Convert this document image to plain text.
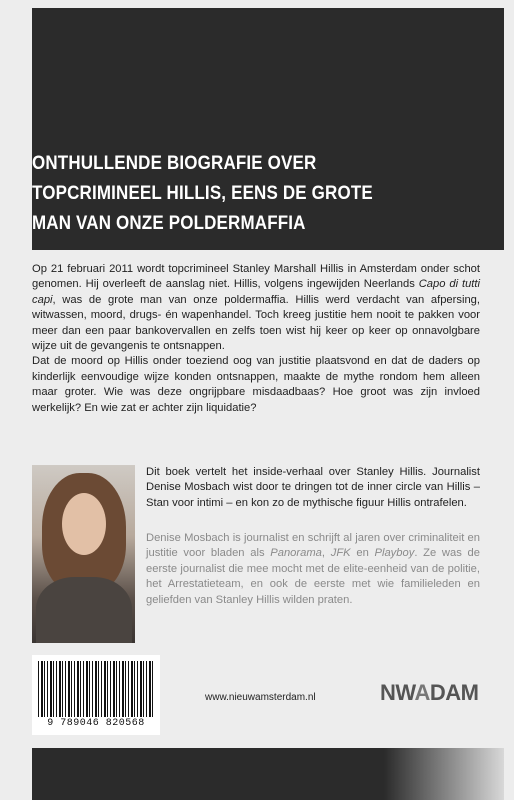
ONTHULLENDE BIOGRAFIE OVER
TOPCRIMINEEL HILLIS, EENS DE GROTE
MAN VAN ONZE POLDERMAFFIA

Op 21 februari 2011 wordt topcrimineel Stanley Marshall Hillis in Amsterdam onder schot genomen. Hij overleeft de aanslag niet. Hillis, volgens ingewijden Neerlands Capo di tutti capi, was de grote man van onze poldermaffia. Hillis werd verdacht van afpersing, witwassen, moord, drugs- én wapenhandel. Toch kreeg justitie hem nooit te pakken voor meer dan een paar bankovervallen en zelfs toen wist hij keer op keer op onnavolgbare wijze uit de gevangenis te ontsnappen.

Dat de moord op Hillis onder toeziend oog van justitie plaatsvond en dat de daders op kinderlijk eenvoudige wijze konden ontsnappen, maakte de mythe rondom hem alleen maar groter. Wie was deze ongrijpbare misdaadbaas? Hoe groot was zijn invloed werkelijk? En wie zat er achter zijn liquidatie?

Dit boek vertelt het inside-verhaal over Stanley Hillis. Journalist Denise Mosbach wist door te dringen tot de inner circle van Hillis – Stan voor intimi – en kon zo de mythische figuur Hillis ontrafelen.
Denise Mosbach is journalist en schrijft al jaren over criminaliteit en justitie voor bladen als Panorama, JFK en Playboy. Ze was de eerste journalist die mee mocht met de elite-eenheid van de politie, het Arrestatieteam, en ook de eerste met wie familieleden en geliefden van Stanley Hillis wilden praten.
9 789046 820568
www.nieuwamsterdam.nl	NWADAM
